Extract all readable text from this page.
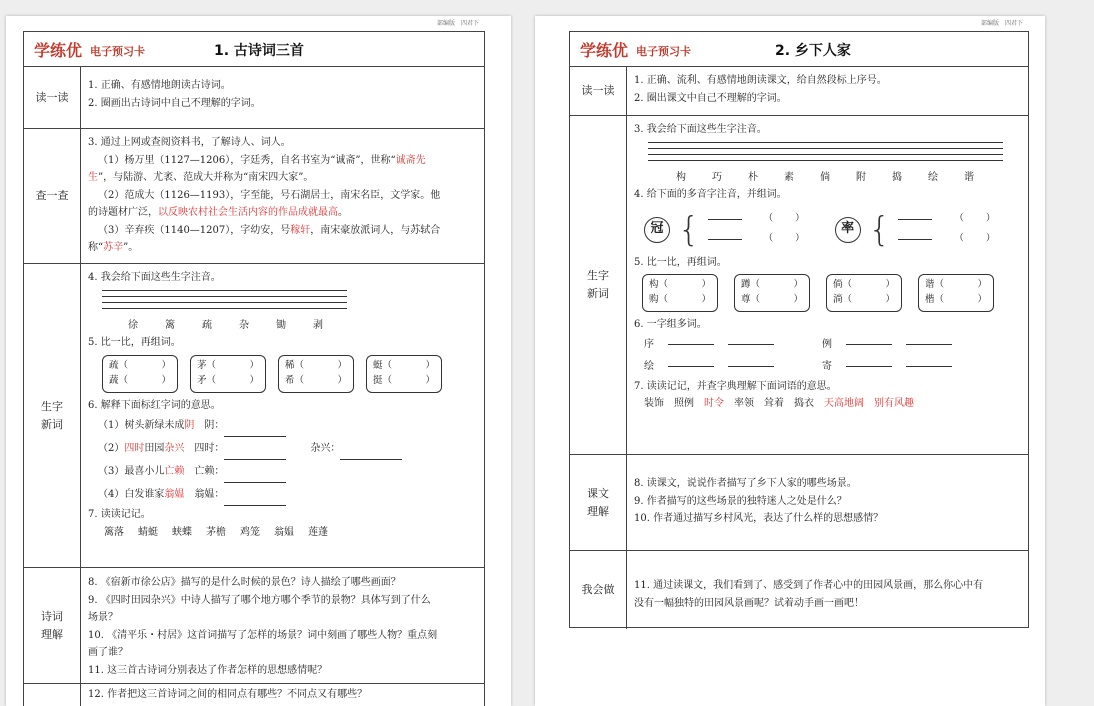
部编版　四君下
学练优 电子预习卡	1. 古诗词三首
读一读

1. 正确、有感情地朗读古诗词。

2. 圈画出古诗词中自己不理解的字词。

查一查

3. 通过上网或查阅资料书，了解诗人、词人。

（1）杨万里（1127—1206），字廷秀，自名书室为“诚斋”，世称“诚斋先

生”，与陆游、尤袤、范成大并称为“南宋四大家”。

（2）范成大（1126—1193），字至能，号石湖居士，南宋名臣，文学家。他

的诗题材广泛，以反映农村社会生活内容的作品成就最高。

（3）辛弃疾（1140—1207），字幼安，号稼轩，南宋豪放派词人，与苏轼合

称“苏辛”。

生字新词

4. 我会给下面这些生字注音。

徐	篱	疏	杂	锄	剥

5. 比一比，再组词。

疏（	）
蔬（	）
茅（	）
矛（	）
稀（	）
希（	）
蜓（	）
挺（	）

6. 解释下面标红字词的意思。

（1）树头新绿未成阴　阴：

（2）四时田园杂兴　四时：	杂兴：

（3）最喜小儿亡赖　亡赖：

（4）白发谁家翁媪　翁媪：

7. 读读记记。

篱落 蜻蜓 蛱蝶 茅檐 鸡笼 翁媪 莲蓬
诗词理解

8. 《宿新市徐公店》描写的是什么时候的景色？诗人描绘了哪些画面？

9. 《四时田园杂兴》中诗人描写了哪个地方哪个季节的景物？具体写到了什么

场景？

10. 《清平乐・村居》这首词描写了怎样的场景？词中刻画了哪些人物？重点刻

画了谁？

11. 这三首古诗词分别表达了作者怎样的思想感情呢？

12. 作者把这三首诗词之间的相同点有哪些？不同点又有哪些？

部编版　四君下
学练优 电子预习卡	2. 乡下人家
读一读

1. 正确、流利、有感情地朗读课文，给自然段标上序号。

2. 圈出课文中自己不理解的字词。

生字新词

3. 我会给下面这些生字注音。

构	巧	朴	素	倘	附	捣	绘	谐

4. 给下面的多音字注音，并组词。

冠 {	（ ）
（ ）
率 {	（ ）
（ ）

5. 比一比，再组词。

构（	）
购（	）
蹲（	）
尊（	）
倘（	）
淌（	）
谐（	）
楷（	）

6. 一字组多词。

序	例
绘	寄

7. 读读记记，并查字典理解下面词语的意思。

装饰 照例 时令 率领 耸着 捣衣 天高地阔 别有风趣
课文理解

8. 读课文，说说作者描写了乡下人家的哪些场景。

9. 作者描写的这些场景的独特迷人之处是什么？

10. 作者通过描写乡村风光，表达了什么样的思想感情？

我会做	11. 通过读课文，我们看到了、感受到了作者心中的田园风景画，那么你心中有

没有一幅独特的田园风景画呢？试着动手画一画吧！
